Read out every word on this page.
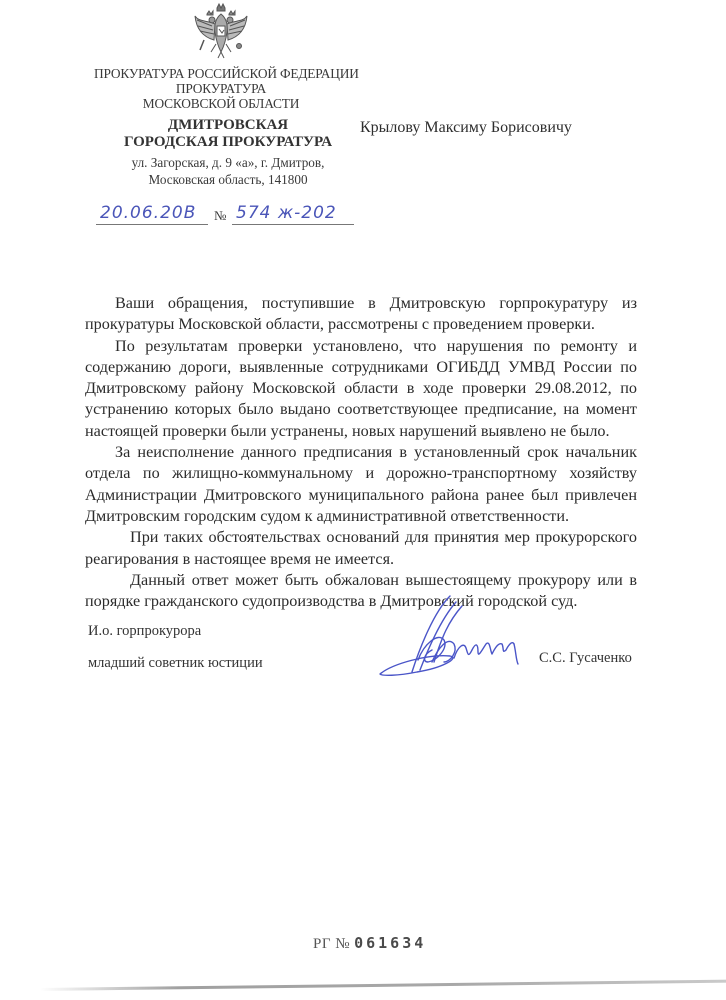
ПРОКУРАТУРА РОССИЙСКОЙ ФЕДЕРАЦИИ
ПРОКУРАТУРА
МОСКОВСКОЙ ОБЛАСТИ
ДМИТРОВСКАЯ
ГОРОДСКАЯ ПРОКУРАТУРА
ул. Загорская, д. 9 «а», г. Дмитров,
Московская область, 141800
20.06.20B № 574 ж-202
Крылову Максиму Борисовичу

Ваши обращения, поступившие в Дмитровскую горпрокуратуру из прокуратуры Московской области, рассмотрены с проведением проверки.

По результатам проверки установлено, что нарушения по ремонту и содержанию дороги, выявленные сотрудниками ОГИБДД УМВД России по Дмитровскому району Московской области в ходе проверки 29.08.2012, по устранению которых было выдано соответствующее предписание, на момент настоящей проверки были устранены, новых нарушений выявлено не было.

За неисполнение данного предписания в установленный срок начальник отдела по жилищно-коммунальному и дорожно-транспортному хозяйству Администрации Дмитровского муниципального района ранее был привлечен Дмитровским городским судом к административной ответственности.

При таких обстоятельствах оснований для принятия мер прокурорского реагирования в настоящее время не имеется.

Данный ответ может быть обжалован вышестоящему прокурору или в порядке гражданского судопроизводства в Дмитровский городской суд.

И.о. горпрокурора
младший советник юстиции	С.С. Гусаченко
РГ № 061634
